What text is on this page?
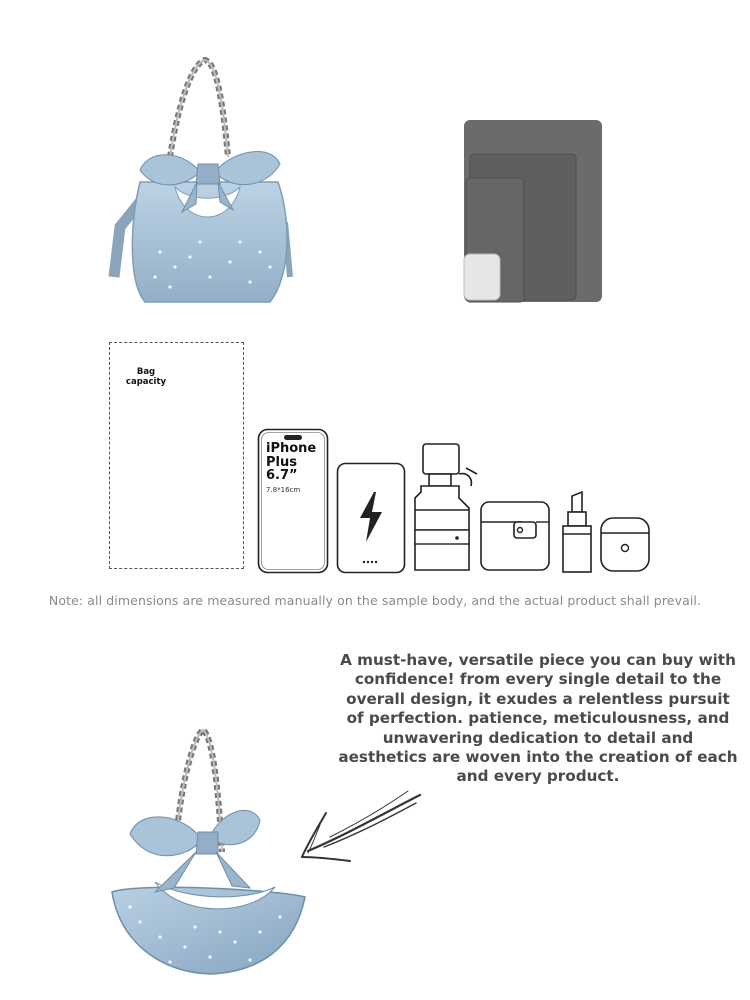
Bag capacity
iPhone Plus 6.7”
7.8*16cm
Note: all dimensions are measured manually on the sample body, and the actual product shall prevail.
A must-have, versatile piece you can buy with confidence! from every single detail to the overall design, it exudes a relentless pursuit of perfection. patience, meticulousness, and unwavering dedication to detail and aesthetics are woven into the creation of each and every product.
